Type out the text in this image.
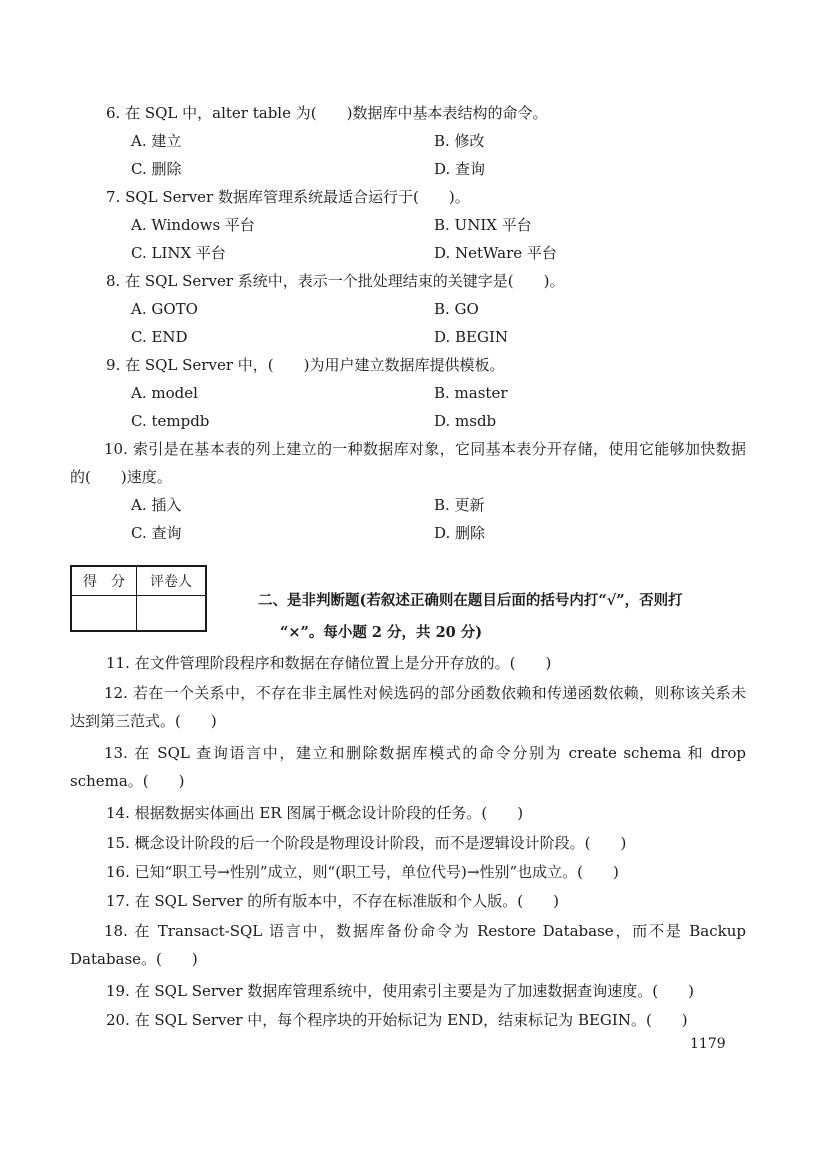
6. 在 SQL 中，alter table 为(　　)数据库中基本表结构的命令。
A. 建立	B. 修改
C. 删除	D. 查询
7. SQL Server 数据库管理系统最适合运行于(　　)。
A. Windows 平台	B. UNIX 平台
C. LINX 平台	D. NetWare 平台
8. 在 SQL Server 系统中，表示一个批处理结束的关键字是(　　)。
A. GOTO	B. GO
C. END	D. BEGIN
9. 在 SQL Server 中，(　　)为用户建立数据库提供模板。
A. model	B. master
C. tempdb	D. msdb
10. 索引是在基本表的列上建立的一种数据库对象，它同基本表分开存储，使用它能够加快数据的(　　)速度。
A. 插入	B. 更新
C. 查询	D. 删除
得　分	评卷人

二、是非判断题(若叙述正确则在题目后面的括号内打“√”，否则打
“×”。每小题 2 分，共 20 分)
11. 在文件管理阶段程序和数据在存储位置上是分开存放的。(　　)
12. 若在一个关系中，不存在非主属性对候选码的部分函数依赖和传递函数依赖，则称该关系未达到第三范式。(　　)
13. 在 SQL 查询语言中，建立和删除数据库模式的命令分别为 create schema 和 drop schema。(　　)
14. 根据数据实体画出 ER 图属于概念设计阶段的任务。(　　)
15. 概念设计阶段的后一个阶段是物理设计阶段，而不是逻辑设计阶段。(　　)
16. 已知“职工号→性别”成立，则“(职工号，单位代号)→性别”也成立。(　　)
17. 在 SQL Server 的所有版本中，不存在标准版和个人版。(　　)
18. 在 Transact-SQL 语言中，数据库备份命令为 Restore Database，而不是 Backup Database。(　　)
19. 在 SQL Server 数据库管理系统中，使用索引主要是为了加速数据查询速度。(　　)
20. 在 SQL Server 中，每个程序块的开始标记为 END，结束标记为 BEGIN。(　　)
1179
